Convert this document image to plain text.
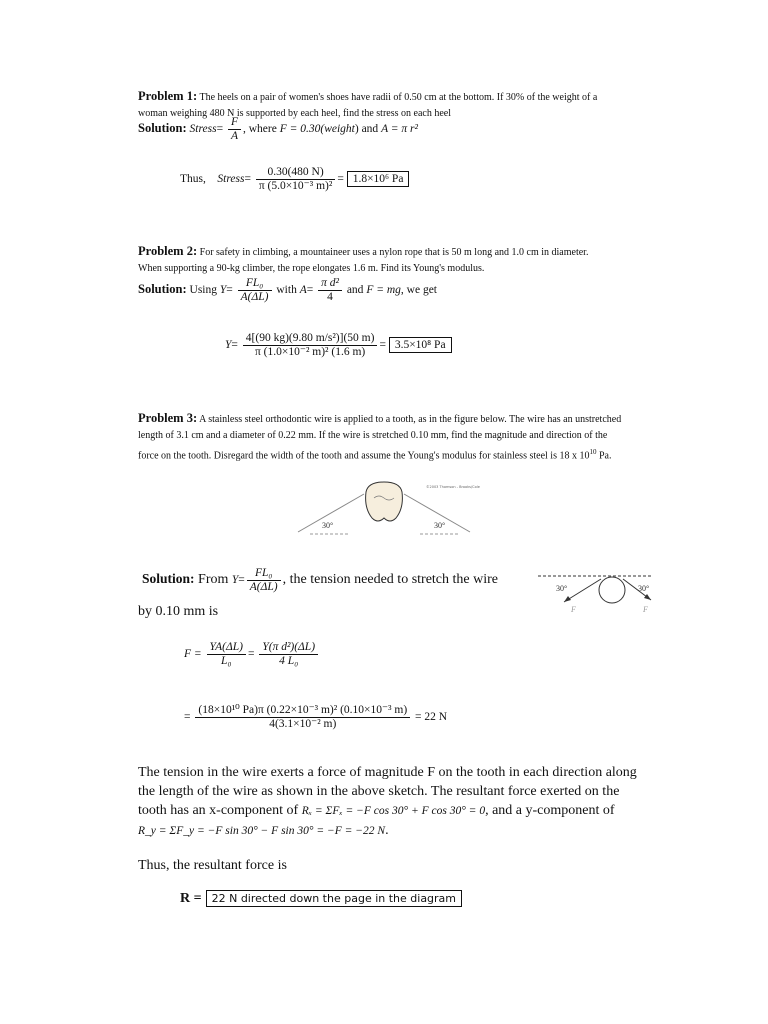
Problem 1: The heels on a pair of women's shoes have radii of 0.50 cm at the bottom. If 30% of the weight of a woman weighing 480 N is supported by each heel, find the stress on each heel
Solution: Stress= $\frac{F}{A}$ , where F = 0.30(weight) and A = π r²
Thus, Stress= $\frac{0.30(480 N)}{\text{π (5.0×10⁻³ m)²}} = 1.8\times 10^6$ Pa
Problem 2: For safety in climbing, a mountaineer uses a nylon rope that is 50 m long and 1.0 cm in diameter. When supporting a 90-kg climber, the rope elongates 1.6 m. Find its Young's modulus.
Solution: Using $Y= \frac{\text{FL₀}}{A(\Delta L)}$ with $A= \frac{\text{π d²}}{4}$ and F = mg, we get
$Y= \frac{\text{4[(90 kg)(9.80 m/s²)](50 m)}}{\text{π (1.0×10⁻² m)² (1.6 m)}} = 3.5\times 10^8$ Pa
Problem 3: A stainless steel orthodontic wire is applied to a tooth, as in the figure below. The wire has an unstretched length of 3.1 cm and a diameter of 0.22 mm. If the wire is stretched 0.10 mm, find the magnitude and direction of the force on the tooth. Disregard the width of the tooth and assume the Young's modulus for stainless steel is 18 x $10^{10}$ Pa.
30°	30°
©2003 Thomson - Brooks/Cole
Solution: From $Y= \frac{\text{FL₀}}{A(\Delta L)}$ , the tension needed to stretch the wire
by 0.10 mm is
30°	30°
F	F
$F = \frac{YA(\Delta L)}{\text{L₀}} = \frac{\text{Y(π d²)(ΔL)}}{\text{4 L₀}}$
= $\frac{\text{(18×10¹⁰ Pa)π (0.22×10⁻³ m)² (0.10×10⁻³ m)}}{\text{4(3.1×10⁻² m)}} = 22$ N
The tension in the wire exerts a force of magnitude F on the tooth in each direction along the length of the wire as shown in the above sketch. The resultant force exerted on the tooth has an x-component of Rₓ = ΣFₓ = −F cos 30° + F cos 30° = 0, and a y-component of R_y = ΣF_y = −F sin 30° − F sin 30° = −F = −22 N.
Thus, the resultant force is
R = 22 N directed down the page in the diagram
